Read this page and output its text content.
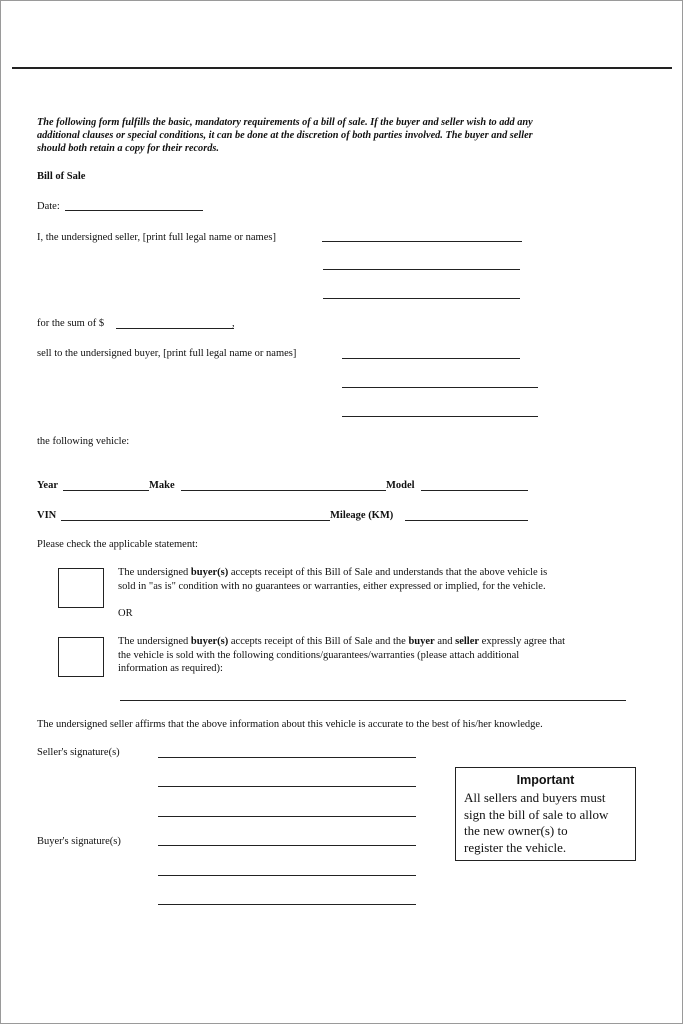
The following form fulfills the basic, mandatory requirements of a bill of sale. If the buyer and seller wish to add any
additional clauses or special conditions, it can be done at the discretion of both parties involved. The buyer and seller
should both retain a copy for their records.
Bill of Sale
Date:
I, the undersigned seller, [print full legal name or names]
for the sum of $	,
sell to the undersigned buyer, [print full legal name or names]
the following vehicle:
Year	Make	Model
VIN	Mileage (KM)
Please check the applicable statement:
The undersigned buyer(s) accepts receipt of this Bill of Sale and understands that the above vehicle is
sold in "as is" condition with no guarantees or warranties, either expressed or implied, for the vehicle.
OR
The undersigned buyer(s) accepts receipt of this Bill of Sale and the buyer and seller expressly agree that
the vehicle is sold with the following conditions/guarantees/warranties (please attach additional
information as required):
The undersigned seller affirms that the above information about this vehicle is accurate to the best of his/her knowledge.
Seller's signature(s)
Buyer's signature(s)
Important
All sellers and buyers must
sign the bill of sale to allow
the new owner(s) to
register the vehicle.
